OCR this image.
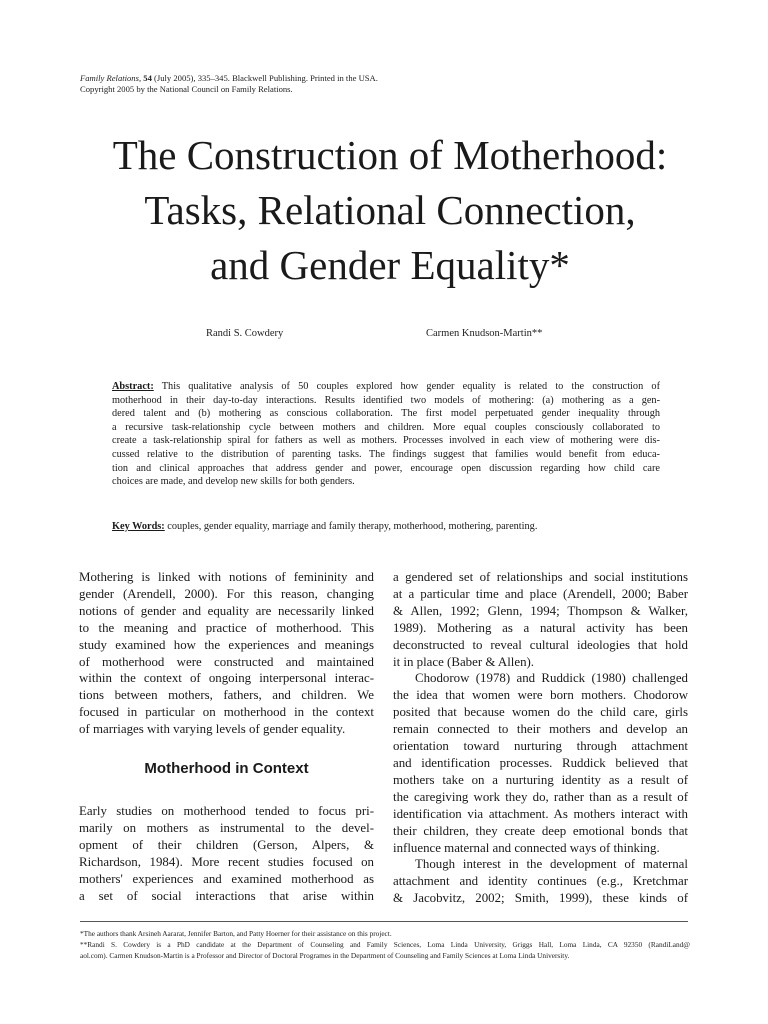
Family Relations, 54 (July 2005), 335–345. Blackwell Publishing. Printed in the USA.
Copyright 2005 by the National Council on Family Relations.
The Construction of Motherhood:
Tasks, Relational Connection,
and Gender Equality*
Randi S. Cowdery	Carmen Knudson-Martin**
Abstract: This qualitative analysis of 50 couples explored how gender equality is related to the construction of
motherhood in their day-to-day interactions. Results identified two models of mothering: (a) mothering as a gen-
dered talent and (b) mothering as conscious collaboration. The first model perpetuated gender inequality through
a recursive task-relationship cycle between mothers and children. More equal couples consciously collaborated to
create a task-relationship spiral for fathers as well as mothers. Processes involved in each view of mothering were dis-
cussed relative to the distribution of parenting tasks. The findings suggest that families would benefit from educa-
tion and clinical approaches that address gender and power, encourage open discussion regarding how child care
choices are made, and develop new skills for both genders.
Key Words: couples, gender equality, marriage and family therapy, motherhood, mothering, parenting.
Mothering is linked with notions of femininity and
gender (Arendell, 2000). For this reason, changing
notions of gender and equality are necessarily linked
to the meaning and practice of motherhood. This
study examined how the experiences and meanings
of motherhood were constructed and maintained
within the context of ongoing interpersonal interac-
tions between mothers, fathers, and children. We
focused in particular on motherhood in the context
of marriages with varying levels of gender equality.
Motherhood in Context
Early studies on motherhood tended to focus pri-
marily on mothers as instrumental to the devel-
opment of their children (Gerson, Alpers, &
Richardson, 1984). More recent studies focused on
mothers' experiences and examined motherhood as
a set of social interactions that arise within
a gendered set of relationships and social institutions
at a particular time and place (Arendell, 2000; Baber
& Allen, 1992; Glenn, 1994; Thompson & Walker,
1989). Mothering as a natural activity has been
deconstructed to reveal cultural ideologies that hold
it in place (Baber & Allen).
Chodorow (1978) and Ruddick (1980) challenged
the idea that women were born mothers. Chodorow
posited that because women do the child care, girls
remain connected to their mothers and develop an
orientation toward nurturing through attachment
and identification processes. Ruddick believed that
mothers take on a nurturing identity as a result of
the caregiving work they do, rather than as a result of
identification via attachment. As mothers interact with
their children, they create deep emotional bonds that
influence maternal and connected ways of thinking.
Though interest in the development of maternal
attachment and identity continues (e.g., Kretchmar
& Jacobvitz, 2002; Smith, 1999), these kinds of
*The authors thank Arsineh Aararat, Jennifer Barton, and Patty Hoerner for their assistance on this project.
**Randi S. Cowdery is a PhD candidate at the Department of Counseling and Family Sciences, Loma Linda University, Griggs Hall, Loma Linda, CA 92350 (RandiLand@
aol.com). Carmen Knudson-Martin is a Professor and Director of Doctoral Programes in the Department of Counseling and Family Sciences at Loma Linda University.
